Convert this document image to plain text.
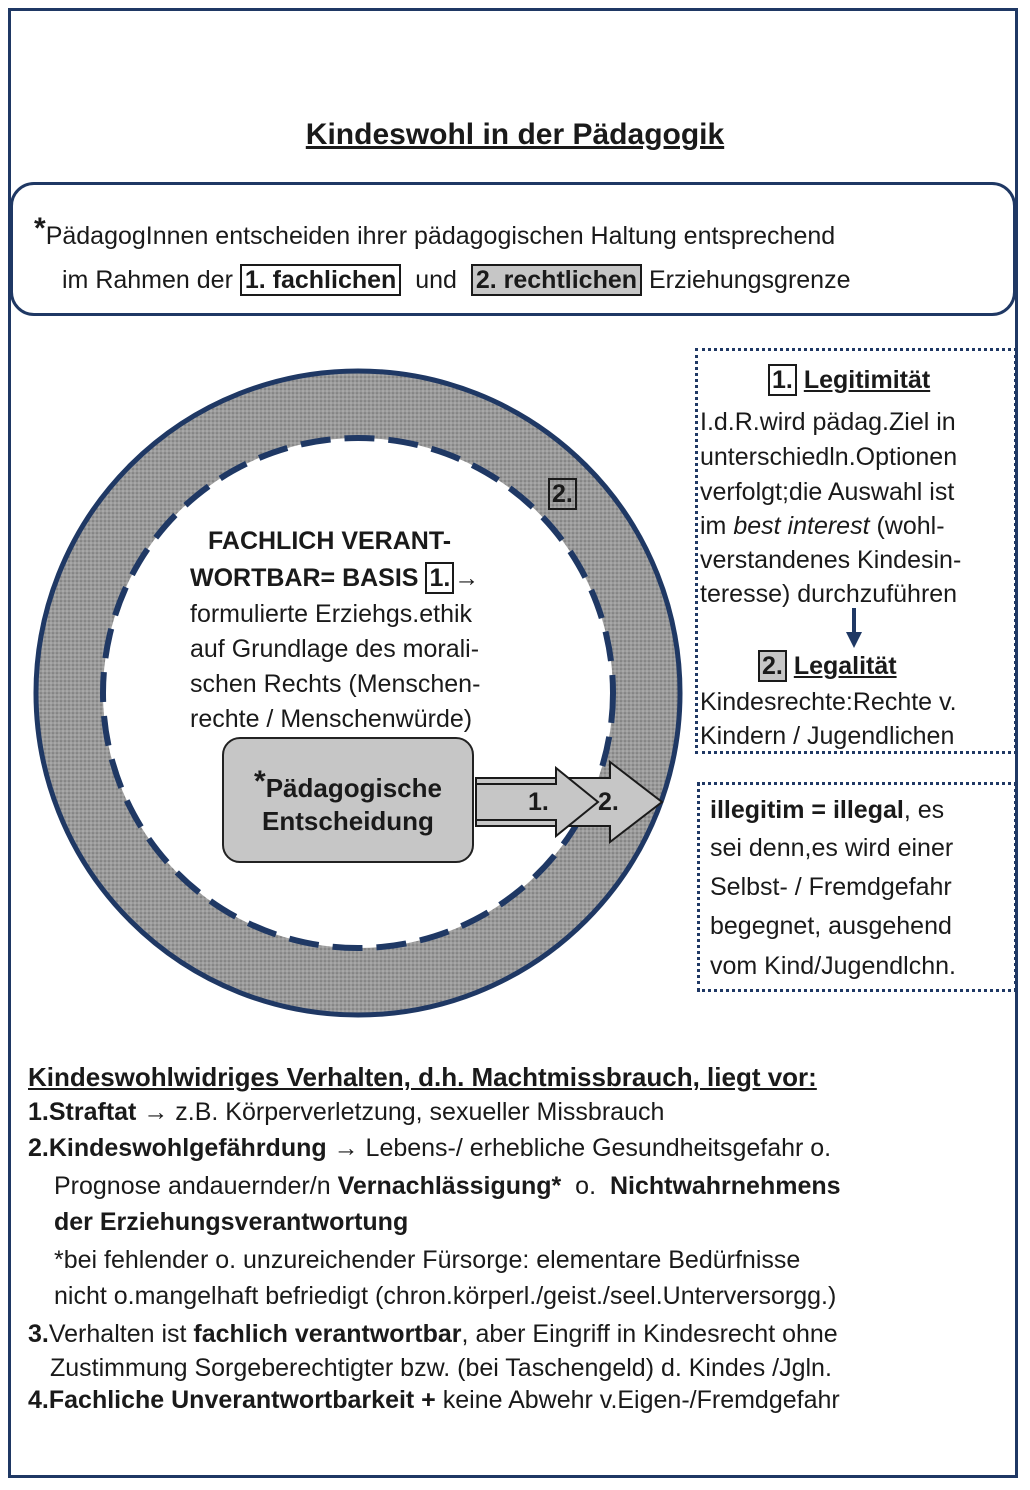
Kindeswohl in der Pädagogik
*PädagogInnen entscheiden ihrer pädagogischen Haltung entsprechend
im Rahmen der 1. fachlichen und 2. rechtlichen Erziehungsgrenze
2.
FACHLICH VERANT-
WORTBAR= BASIS 1. →
formulierte Erziehgs.ethik
auf Grundlage des morali-
schen Rechts (Menschen-
rechte / Menschenwürde)
*Pädagogische
Entscheidung
1. 2.
1. Legitimität
I.d.R.wird pädag.Ziel in
unterschiedln.Optionen
verfolgt;die Auswahl ist
im best interest (wohl-
verstandenes Kindesin-
teresse) durchzuführen
2. Legalität
Kindesrechte:Rechte v.
Kindern / Jugendlichen
illegitim = illegal, es
sei denn,es wird einer
Selbst- / Fremdgefahr
begegnet, ausgehend
vom Kind/Jugendlchn.
Kindeswohlwidriges Verhalten, d.h. Machtmissbrauch, liegt vor:
1.Straftat → z.B. Körperverletzung, sexueller Missbrauch
2.Kindeswohlgefährdung → Lebens-/ erhebliche Gesundheitsgefahr o.
Prognose andauernder/n Vernachlässigung* o. Nichtwahrnehmens
der Erziehungsverantwortung
*bei fehlender o. unzureichender Fürsorge: elementare Bedürfnisse
nicht o.mangelhaft befriedigt (chron.körperl./geist./seel.Unterversorgg.)
3.Verhalten ist fachlich verantwortbar, aber Eingriff in Kindesrecht ohne
Zustimmung Sorgeberechtigter bzw. (bei Taschengeld) d. Kindes /Jgln.
4.Fachliche Unverantwortbarkeit + keine Abwehr v.Eigen-/Fremdgefahr
